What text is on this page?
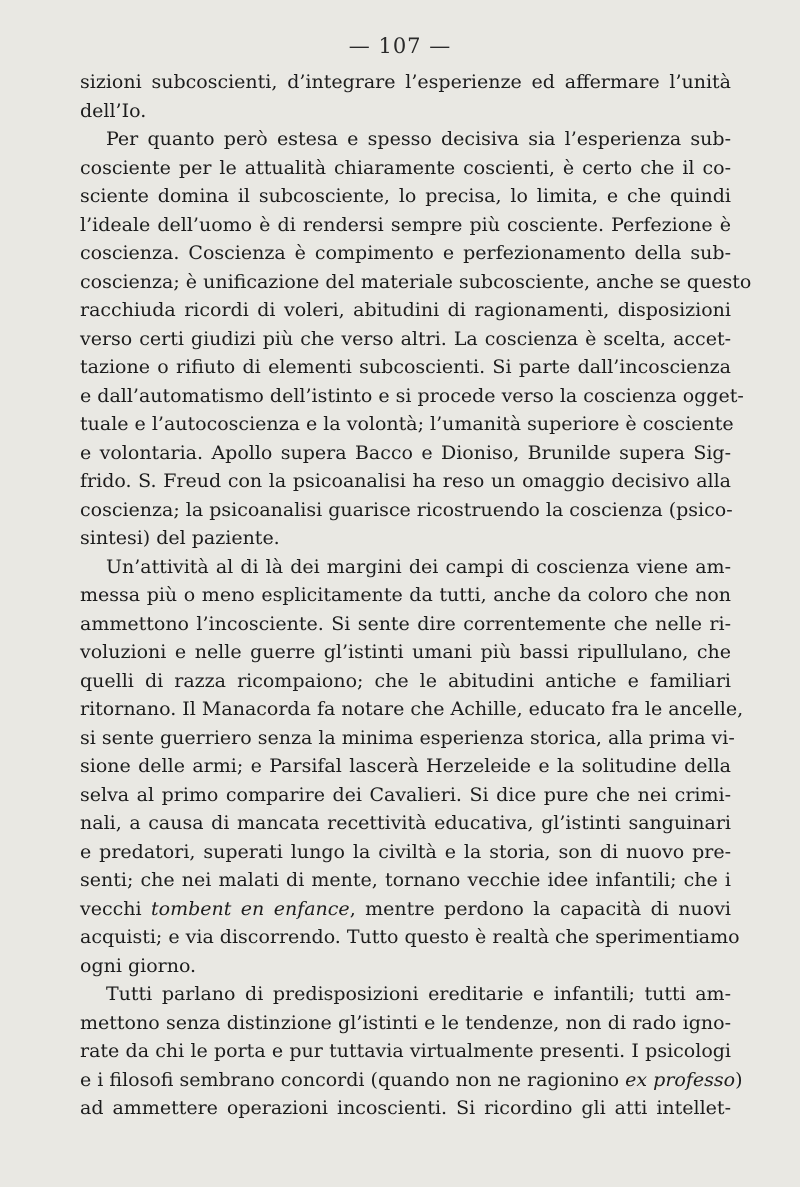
— 107 —
sizioni subcoscienti, d’integrare l’esperienze ed affermare l’unità
dell’Io.
Per quanto però estesa e spesso decisiva sia l’esperienza sub-
cosciente per le attualità chiaramente coscienti, è certo che il co-
sciente domina il subcosciente, lo precisa, lo limita, e che quindi
l’ideale dell’uomo è di rendersi sempre più cosciente. Perfezione è
coscienza. Coscienza è compimento e perfezionamento della sub-
coscienza; è unificazione del materiale subcosciente, anche se questo
racchiuda ricordi di voleri, abitudini di ragionamenti, disposizioni
verso certi giudizi più che verso altri. La coscienza è scelta, accet-
tazione o rifiuto di elementi subcoscienti. Si parte dall’incoscienza
e dall’automatismo dell’istinto e si procede verso la coscienza ogget-
tuale e l’autocoscienza e la volontà; l’umanità superiore è cosciente
e volontaria. Apollo supera Bacco e Dioniso, Brunilde supera Sig-
frido. S. Freud con la psicoanalisi ha reso un omaggio decisivo alla
coscienza; la psicoanalisi guarisce ricostruendo la coscienza (psico-
sintesi) del paziente.
Un’attività al di là dei margini dei campi di coscienza viene am-
messa più o meno esplicitamente da tutti, anche da coloro che non
ammettono l’incosciente. Si sente dire correntemente che nelle ri-
voluzioni e nelle guerre gl’istinti umani più bassi ripullulano, che
quelli di razza ricompaiono; che le abitudini antiche e familiari
ritornano. Il Manacorda fa notare che Achille, educato fra le ancelle,
si sente guerriero senza la minima esperienza storica, alla prima vi-
sione delle armi; e Parsifal lascerà Herzeleide e la solitudine della
selva al primo comparire dei Cavalieri. Si dice pure che nei crimi-
nali, a causa di mancata recettività educativa, gl’istinti sanguinari
e predatori, superati lungo la civiltà e la storia, son di nuovo pre-
senti; che nei malati di mente, tornano vecchie idee infantili; che i
vecchi tombent en enfance, mentre perdono la capacità di nuovi
acquisti; e via discorrendo. Tutto questo è realtà che sperimentiamo
ogni giorno.
Tutti parlano di predisposizioni ereditarie e infantili; tutti am-
mettono senza distinzione gl’istinti e le tendenze, non di rado igno-
rate da chi le porta e pur tuttavia virtualmente presenti. I psicologi
e i filosofi sembrano concordi (quando non ne ragionino ex professo)
ad ammettere operazioni incoscienti. Si ricordino gli atti intellet-
